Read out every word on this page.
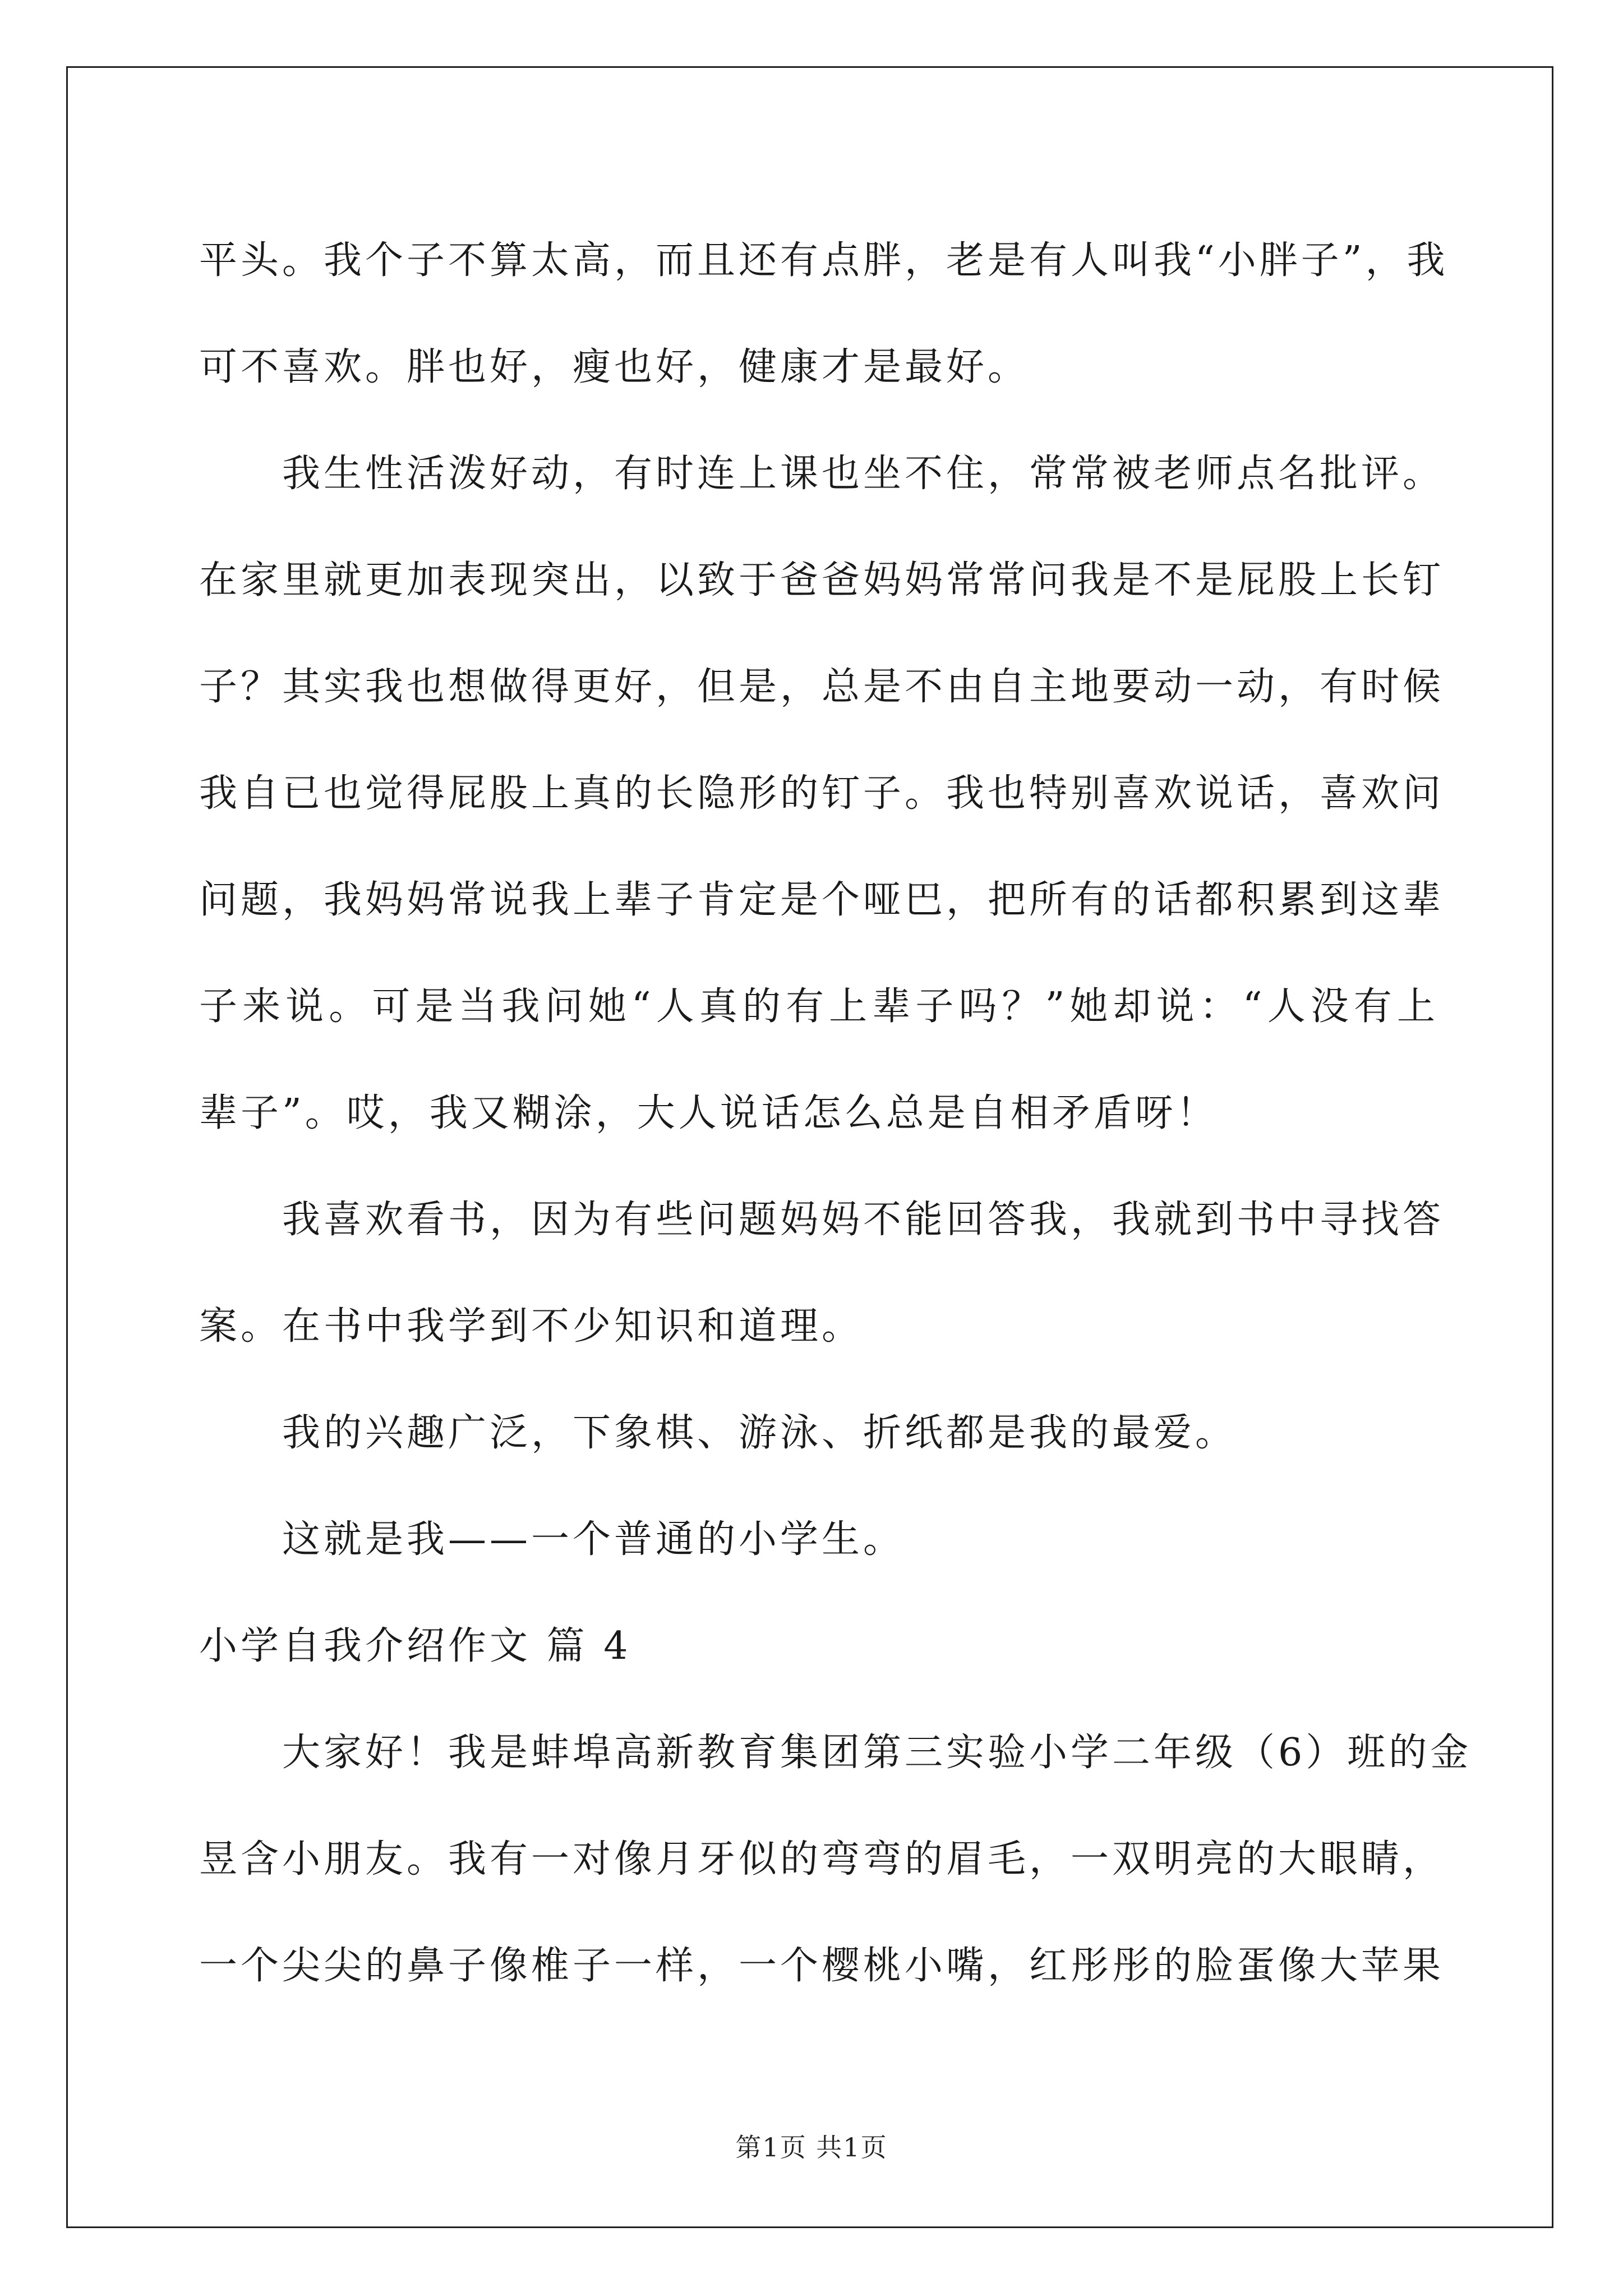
平头。我个子不算太高，而且还有点胖，老是有人叫我“小胖子”，我
可不喜欢。胖也好，瘦也好，健康才是最好。
我生性活泼好动，有时连上课也坐不住，常常被老师点名批评。
在家里就更加表现突出，以致于爸爸妈妈常常问我是不是屁股上长钉
子？其实我也想做得更好，但是，总是不由自主地要动一动，有时候
我自已也觉得屁股上真的长隐形的钉子。我也特别喜欢说话，喜欢问
问题，我妈妈常说我上辈子肯定是个哑巴，把所有的话都积累到这辈
子来说。可是当我问她“人真的有上辈子吗？”她却说：“人没有上
辈子”。哎，我又糊涂，大人说话怎么总是自相矛盾呀！
我喜欢看书，因为有些问题妈妈不能回答我，我就到书中寻找答
案。在书中我学到不少知识和道理。
我的兴趣广泛，下象棋、游泳、折纸都是我的最爱。
这就是我——一个普通的小学生。
小学自我介绍作文 篇 4
大家好！我是蚌埠高新教育集团第三实验小学二年级（6）班的金
昱含小朋友。我有一对像月牙似的弯弯的眉毛，一双明亮的大眼睛，
一个尖尖的鼻子像椎子一样，一个樱桃小嘴，红彤彤的脸蛋像大苹果
第1页 共1页
